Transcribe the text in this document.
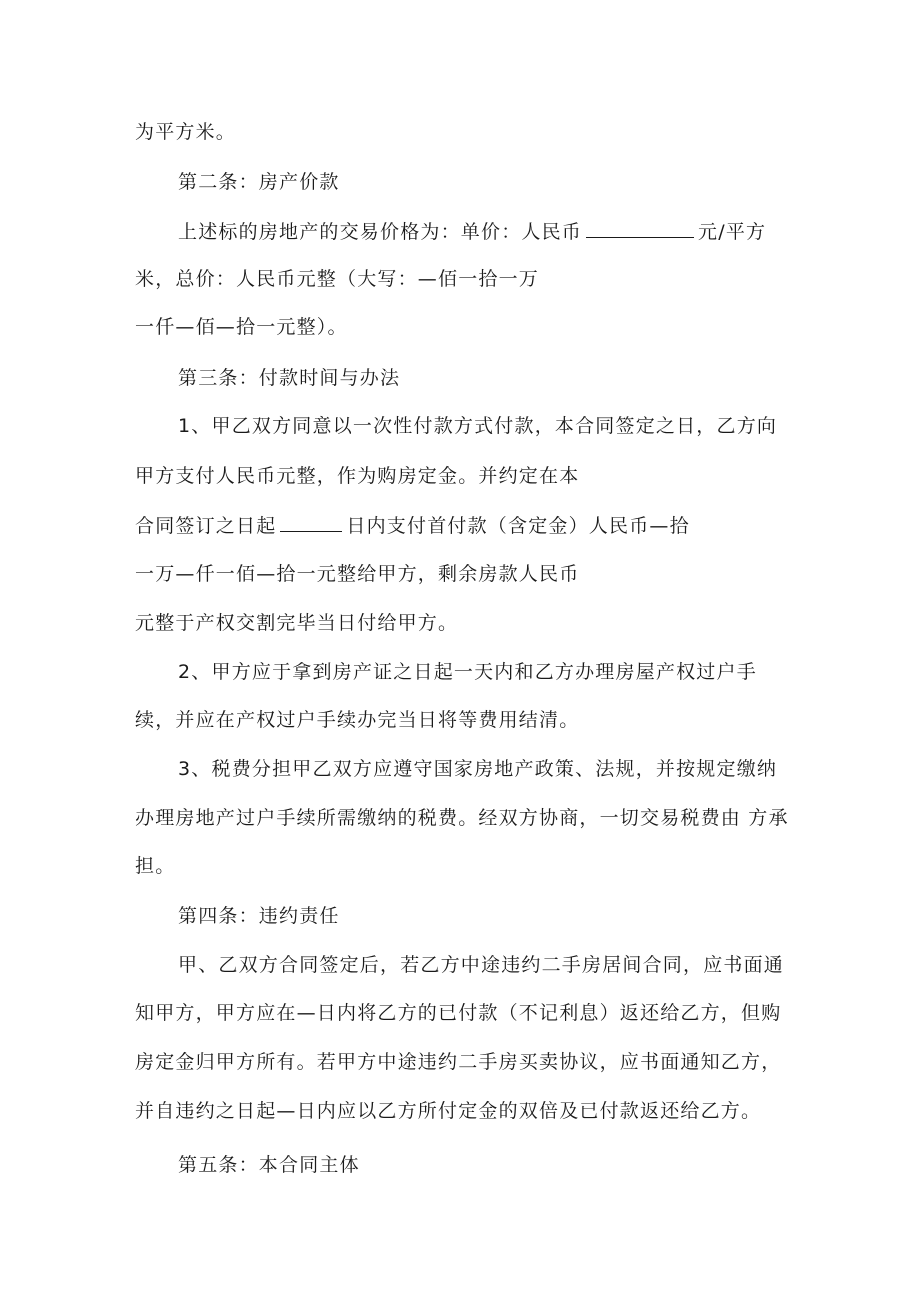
为平方米。

第二条：房产价款

上述标的房地产的交易价格为：单价：人民币	元/平方

米，总价：人民币元整（大写：—佰一拾一万

一仟—佰—拾一元整）。

第三条：付款时间与办法

1、甲乙双方同意以一次性付款方式付款，本合同签定之日，乙方向

甲方支付人民币元整，作为购房定金。并约定在本

合同签订之日起	日内支付首付款（含定金）人民币—拾

一万—仟一佰—拾一元整给甲方，剩余房款人民币

元整于产权交割完毕当日付给甲方。

2、甲方应于拿到房产证之日起一天内和乙方办理房屋产权过户手

续，并应在产权过户手续办完当日将等费用结清。

3、税费分担甲乙双方应遵守国家房地产政策、法规，并按规定缴纳

办理房地产过户手续所需缴纳的税费。经双方协商，一切交易税费由 方承

担。

第四条：违约责任

甲、乙双方合同签定后，若乙方中途违约二手房居间合同，应书面通

知甲方，甲方应在—日内将乙方的已付款（不记利息）返还给乙方，但购

房定金归甲方所有。若甲方中途违约二手房买卖协议，应书面通知乙方，

并自违约之日起—日内应以乙方所付定金的双倍及已付款返还给乙方。

第五条：本合同主体
